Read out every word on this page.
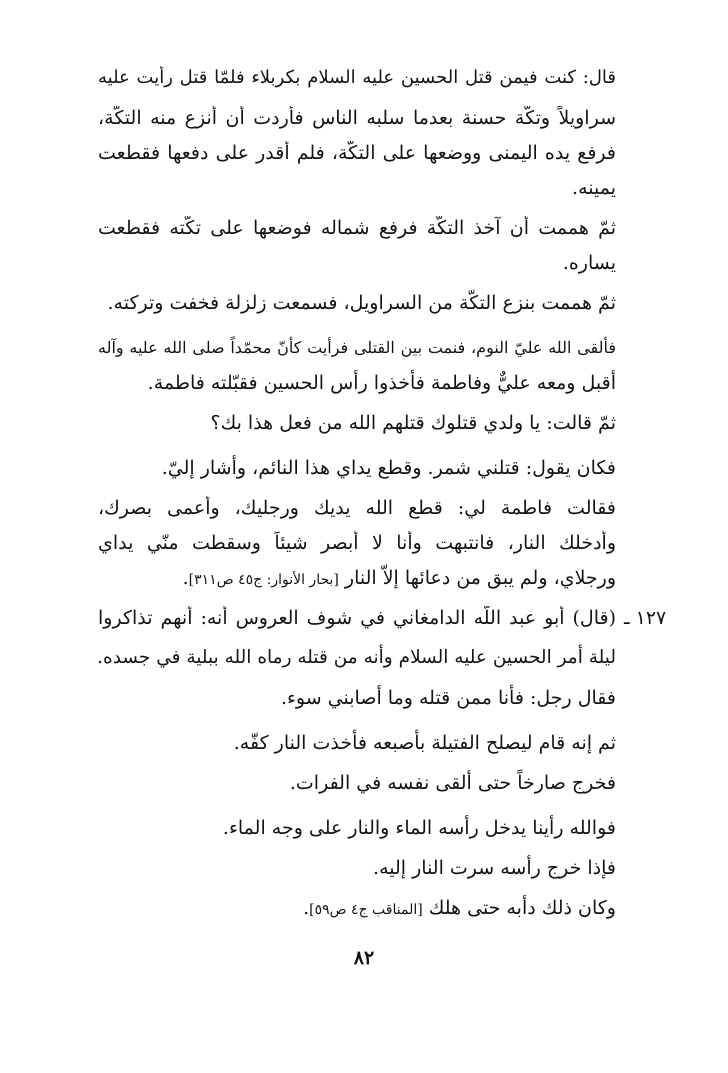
قال: كنت فيمن قتل الحسين عليه السلام بكربلاء فلمّا قتل رأيت عليه
سراويلاً وتكّة حسنة بعدما سلبه الناس فأردت أن أنزع منه التكّة،
فرفع يده اليمنى ووضعها على التكّة، فلم أقدر على دفعها فقطعت
يمينه.
ثمّ هممت أن آخذ التكّة فرفع شماله فوضعها على تكّته فقطعت
يساره.
ثمّ هممت بنزع التكّة من السراويل، فسمعت زلزلة فخفت وتركته.
فألقى الله عليّ النوم، فنمت بين القتلى فرأيت كأنّ محمّداً صلى الله عليه وآله
أقبل ومعه عليٌّ وفاطمة فأخذوا رأس الحسين فقبّلته فاطمة.
ثمّ قالت: يا ولدي قتلوك قتلهم الله من فعل هذا بك؟
فكان يقول: قتلني شمر. وقطع يداي هذا النائم، وأشار إليّ.
فقالت فاطمة لي: قطع الله يديك ورجليك، وأعمى بصرك،
وأدخلك النار، فانتبهت وأنا لا أبصر شيئاً وسقطت منّي يداي
ورجلاي، ولم يبق من دعائها إلاّ النار [بحار الأنوار: ج٤٥ ص٣١١].
١٢٧ ـ
(قال) أبو عبد اللّه الدامغاني في شوف العروس أنه: أنهم تذاكروا
ليلة أمر الحسين عليه السلام وأنه من قتله رماه الله ببلية في جسده.
فقال رجل: فأنا ممن قتله وما أصابني سوء.
ثم إنه قام ليصلح الفتيلة بأصبعه فأخذت النار كفّه.
فخرج صارخاً حتى ألقى نفسه في الفرات.
فوالله رأينا يدخل رأسه الماء والنار على وجه الماء.
فإذا خرج رأسه سرت النار إليه.
وكان ذلك دأبه حتى هلك [المناقب ج٤ ص٥٩].
٨٢
